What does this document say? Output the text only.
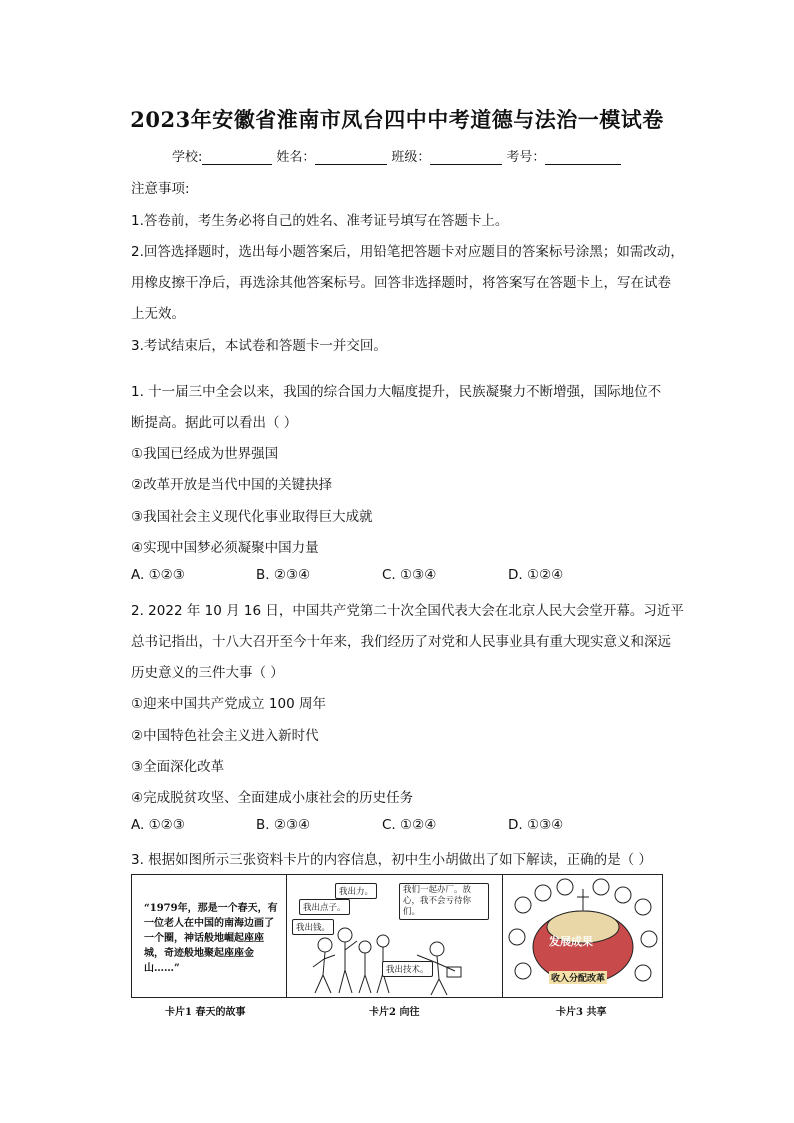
2023年安徽省淮南市凤台四中中考道德与法治一模试卷
学校:	姓名：	班级：	考号：
注意事项:
1.答卷前，考生务必将自己的姓名、准考证号填写在答题卡上。
2.回答选择题时，选出每小题答案后，用铅笔把答题卡对应题目的答案标号涂黑；如需改动，
用橡皮擦干净后，再选涂其他答案标号。回答非选择题时，将答案写在答题卡上，写在试卷
上无效。
3.考试结束后，本试卷和答题卡一并交回。
1. 十一届三中全会以来，我国的综合国力大幅度提升，民族凝聚力不断增强，国际地位不
断提高。据此可以看出（ ）
①我国已经成为世界强国
②改革开放是当代中国的关键抉择
③我国社会主义现代化事业取得巨大成就
④实现中国梦必须凝聚中国力量
A. ①②③	B. ②③④	C. ①③④	D. ①②④
2. 2022 年 10 月 16 日，中国共产党第二十次全国代表大会在北京人民大会堂开幕。习近平
总书记指出，十八大召开至今十年来，我们经历了对党和人民事业具有重大现实意义和深远
历史意义的三件大事（ ）
①迎来中国共产党成立 100 周年
②中国特色社会主义进入新时代
③全面深化改革
④完成脱贫攻坚、全面建成小康社会的历史任务
A. ①②③	B. ②③④	C. ①②④	D. ①③④
3. 根据如图所示三张资料卡片的内容信息，初中生小胡做出了如下解读，正确的是（ ）
“1979年，那是一个春天，有一位老人在中国的南海边画了一个圈，神话般地崛起座座城，奇迹般地聚起座座金山……”
我出力。
我出点子。
我出钱。
我们一起办厂。放心，我不会亏待你们。
我出技术。
发展成果
收入分配改革
卡片1 春天的故事	卡片2 向往	卡片3 共享
